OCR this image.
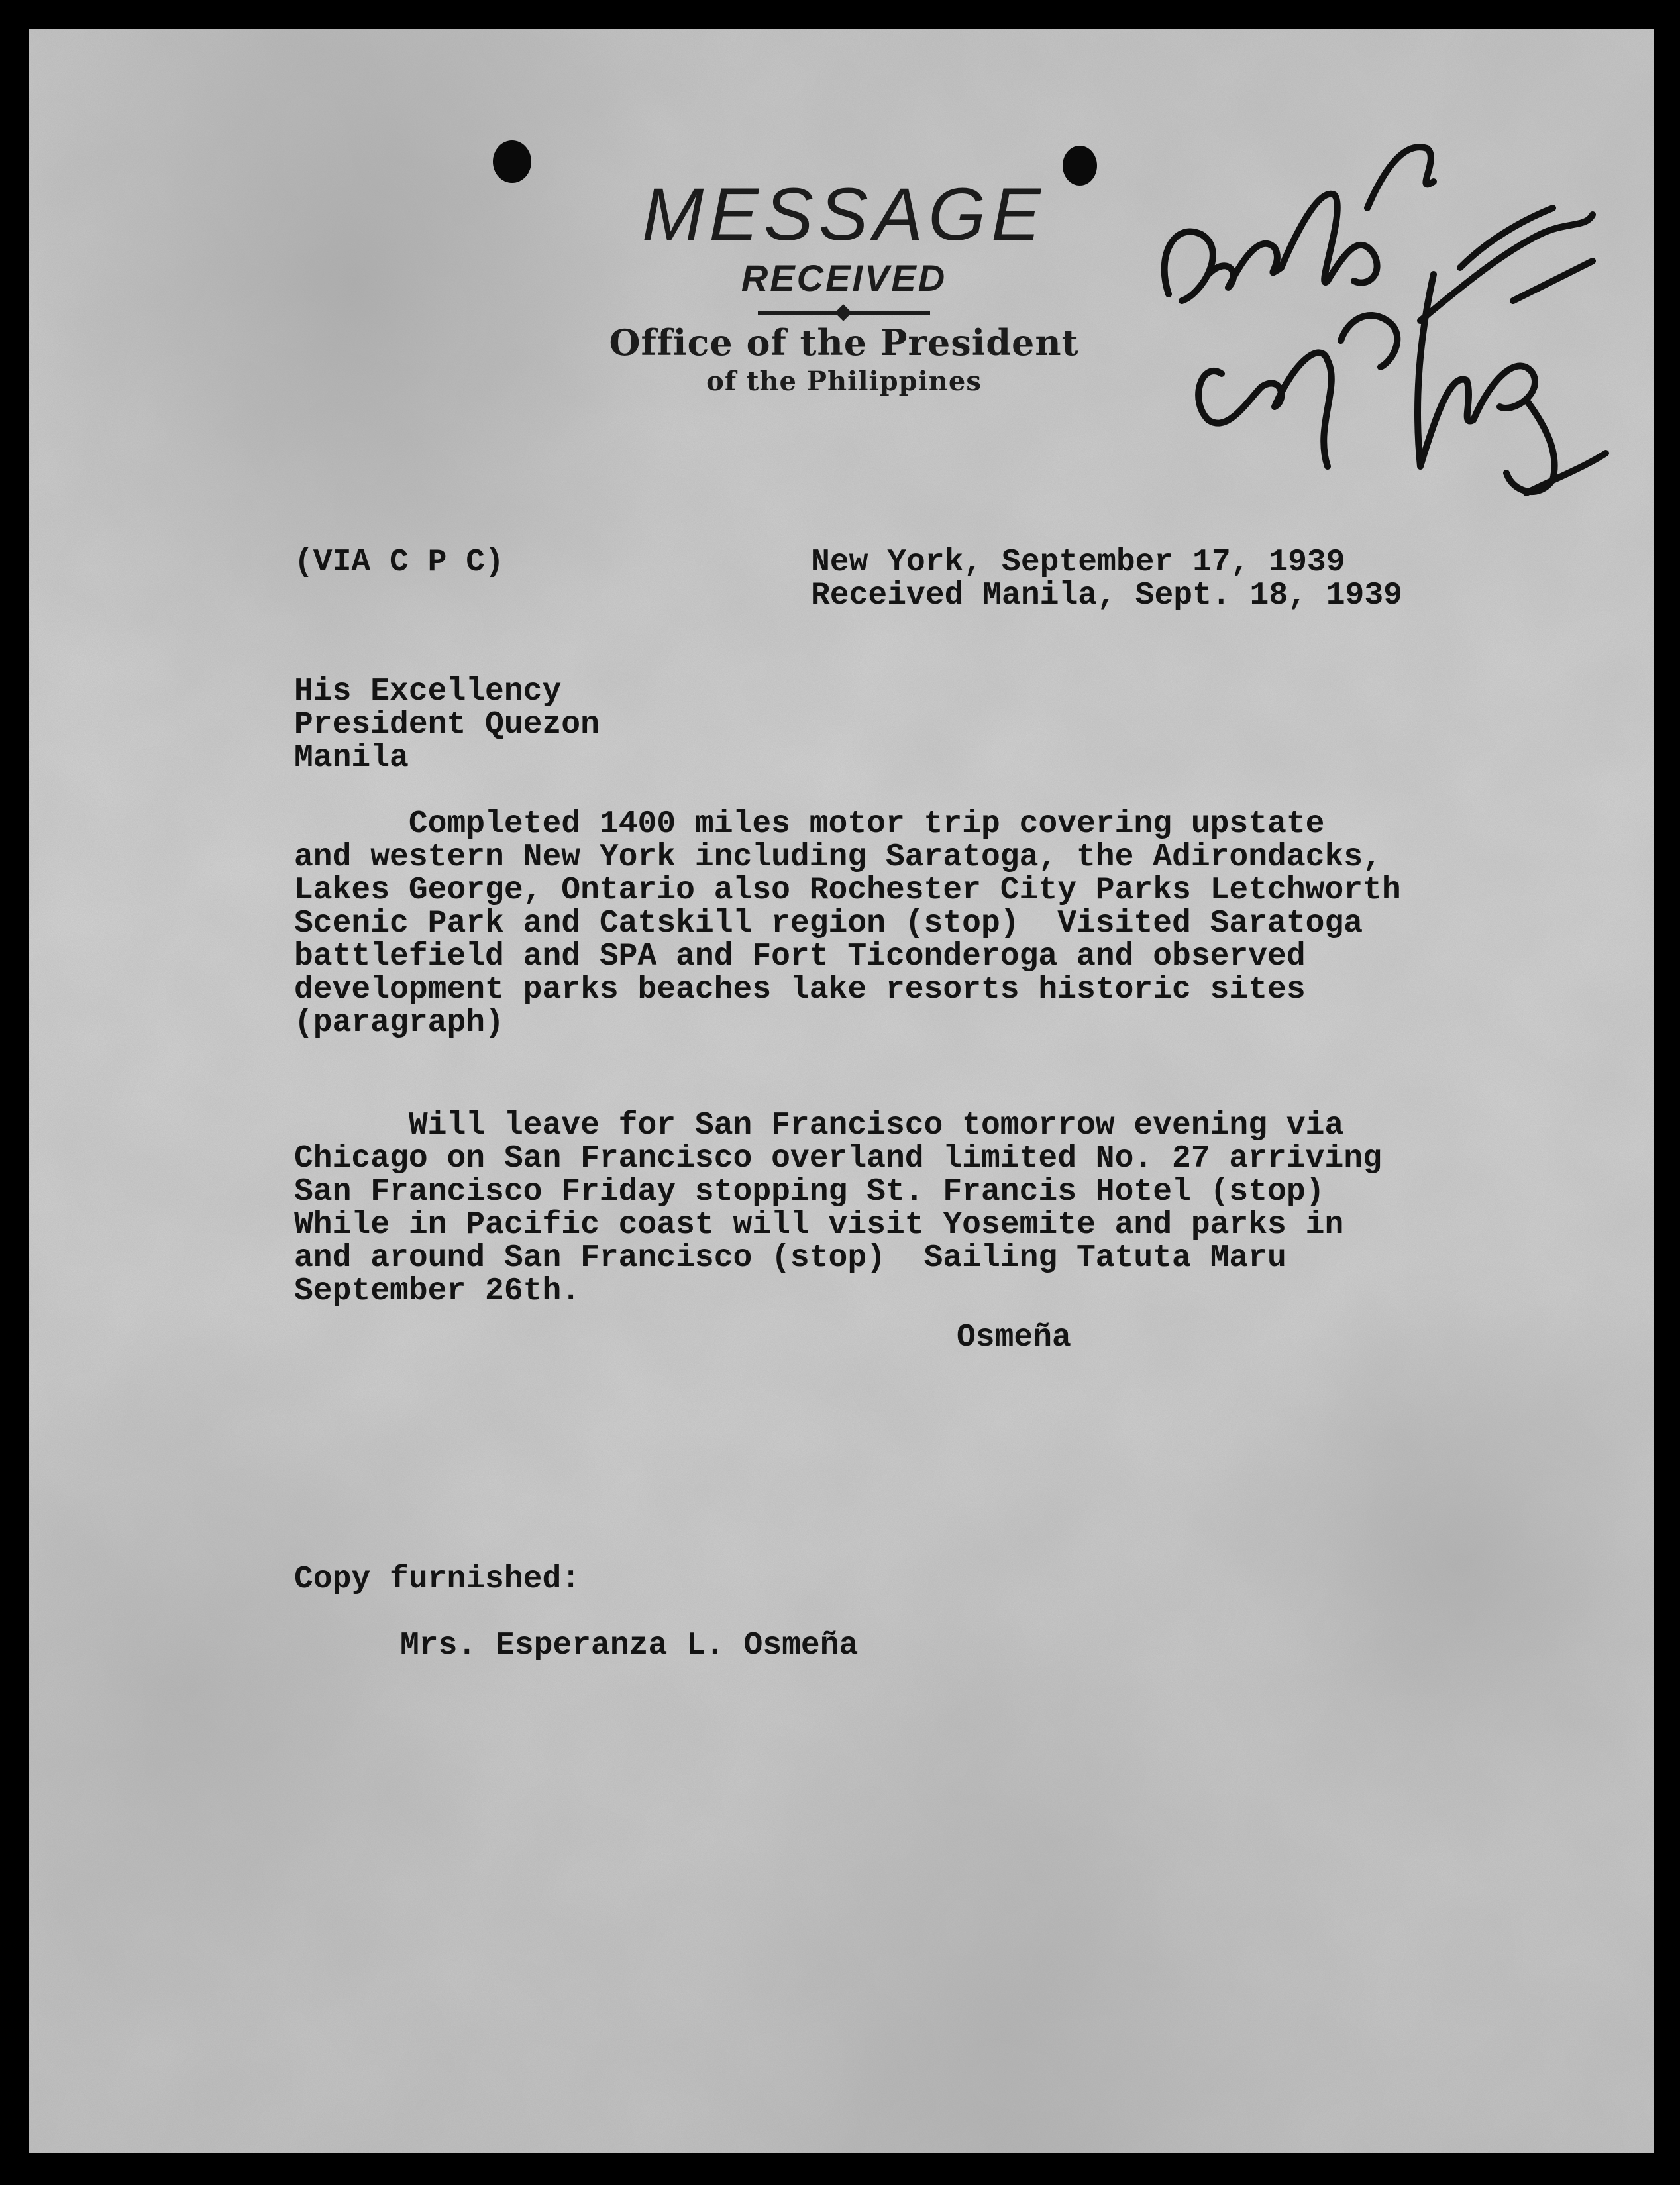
MESSAGE
RECEIVED
Office of the President
of the Philippines
Despacy copy to Mrs Osmena
(VIA C P C)	New York, September 17, 1939
Received Manila, Sept. 18, 1939
His Excellency
President Quezon
Manila
Completed 1400 miles motor trip covering upstate
and western New York including Saratoga, the Adirondacks,
Lakes George, Ontario also Rochester City Parks Letchworth
Scenic Park and Catskill region (stop)  Visited Saratoga
battlefield and SPA and Fort Ticonderoga and observed
development parks beaches lake resorts historic sites
(paragraph)
Will leave for San Francisco tomorrow evening via
Chicago on San Francisco overland limited No. 27 arriving
San Francisco Friday stopping St. Francis Hotel (stop)
While in Pacific coast will visit Yosemite and parks in
and around San Francisco (stop)  Sailing Tatuta Maru
September 26th.
Osmeña
Copy furnished:
Mrs. Esperanza L. Osmeña
